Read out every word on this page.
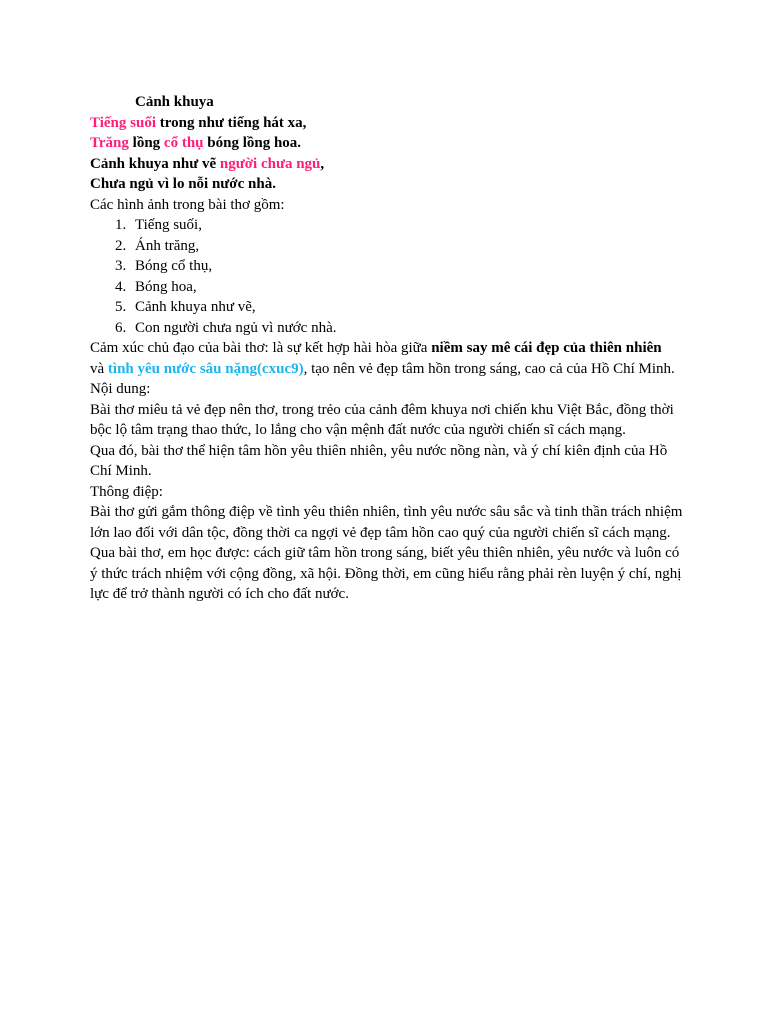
Cảnh khuya
Tiếng suối trong như tiếng hát xa,
Trăng lồng cổ thụ bóng lồng hoa.
Cảnh khuya như vẽ người chưa ngủ,
Chưa ngủ vì lo nỗi nước nhà.
Các hình ảnh trong bài thơ gồm:
1. Tiếng suối,
2. Ánh trăng,
3. Bóng cổ thụ,
4. Bóng hoa,
5. Cảnh khuya như vẽ,
6. Con người chưa ngủ vì nước nhà.
Cảm xúc chủ đạo của bài thơ: là sự kết hợp hài hòa giữa niềm say mê cái đẹp của thiên nhiên
và tình yêu nước sâu nặng(cxuc9), tạo nên vẻ đẹp tâm hồn trong sáng, cao cả của Hồ Chí Minh.
Nội dung:
Bài thơ miêu tả vẻ đẹp nên thơ, trong trẻo của cảnh đêm khuya nơi chiến khu Việt Bắc, đồng thời bộc lộ tâm trạng thao thức, lo lắng cho vận mệnh đất nước của người chiến sĩ cách mạng.
Qua đó, bài thơ thể hiện tâm hồn yêu thiên nhiên, yêu nước nồng nàn, và ý chí kiên định của Hồ Chí Minh.
Thông điệp:
Bài thơ gửi gắm thông điệp về tình yêu thiên nhiên, tình yêu nước sâu sắc và tinh thần trách nhiệm lớn lao đối với dân tộc, đồng thời ca ngợi vẻ đẹp tâm hồn cao quý của người chiến sĩ cách mạng.
Qua bài thơ, em học được: cách giữ tâm hồn trong sáng, biết yêu thiên nhiên, yêu nước và luôn có ý thức trách nhiệm với cộng đồng, xã hội. Đồng thời, em cũng hiểu rằng phải rèn luyện ý chí, nghị lực để trở thành người có ích cho đất nước.
